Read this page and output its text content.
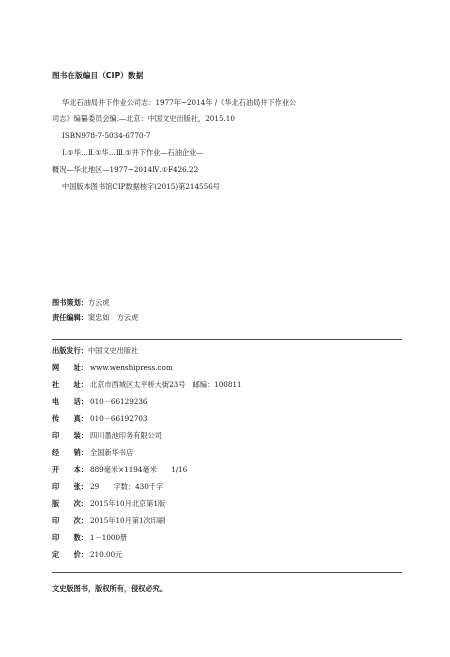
图书在版编目（CIP）数据
华北石油局井下作业公司志：1977年~2014年 /《华北石油局井下作业公
司志》编纂委员会编.—北京：中国文史出版社，2015.10
ISBN978-7-5034-6770-7
Ⅰ.①华…Ⅱ.①华…Ⅲ.①井下作业—石油企业—
概况—华北地区—1977~2014Ⅳ.①F426.22
中国版本图书馆CIP数据核字(2015)第214556号
图书策划：方云虎
责任编辑：窦忠如　方云虎
出版发行：中国文史出版社
网　　址： www.wenshipress.com
社　　址： 北京市西城区太平桥大街23号　邮编：100811
电　　话： 010－66129236
传　　真： 010－66192703
印　　装： 四川墨池印务有限公司
经　　销： 全国新华书店
开　　本： 889毫米×1194毫米　　1/16
印　　张： 29　　字数：430千字
版　　次： 2015年10月北京第1版
印　　次： 2015年10月第1次印刷
印　　数： 1－1000册
定　　价： 210.00元
文史版图书，版权所有，侵权必究。
